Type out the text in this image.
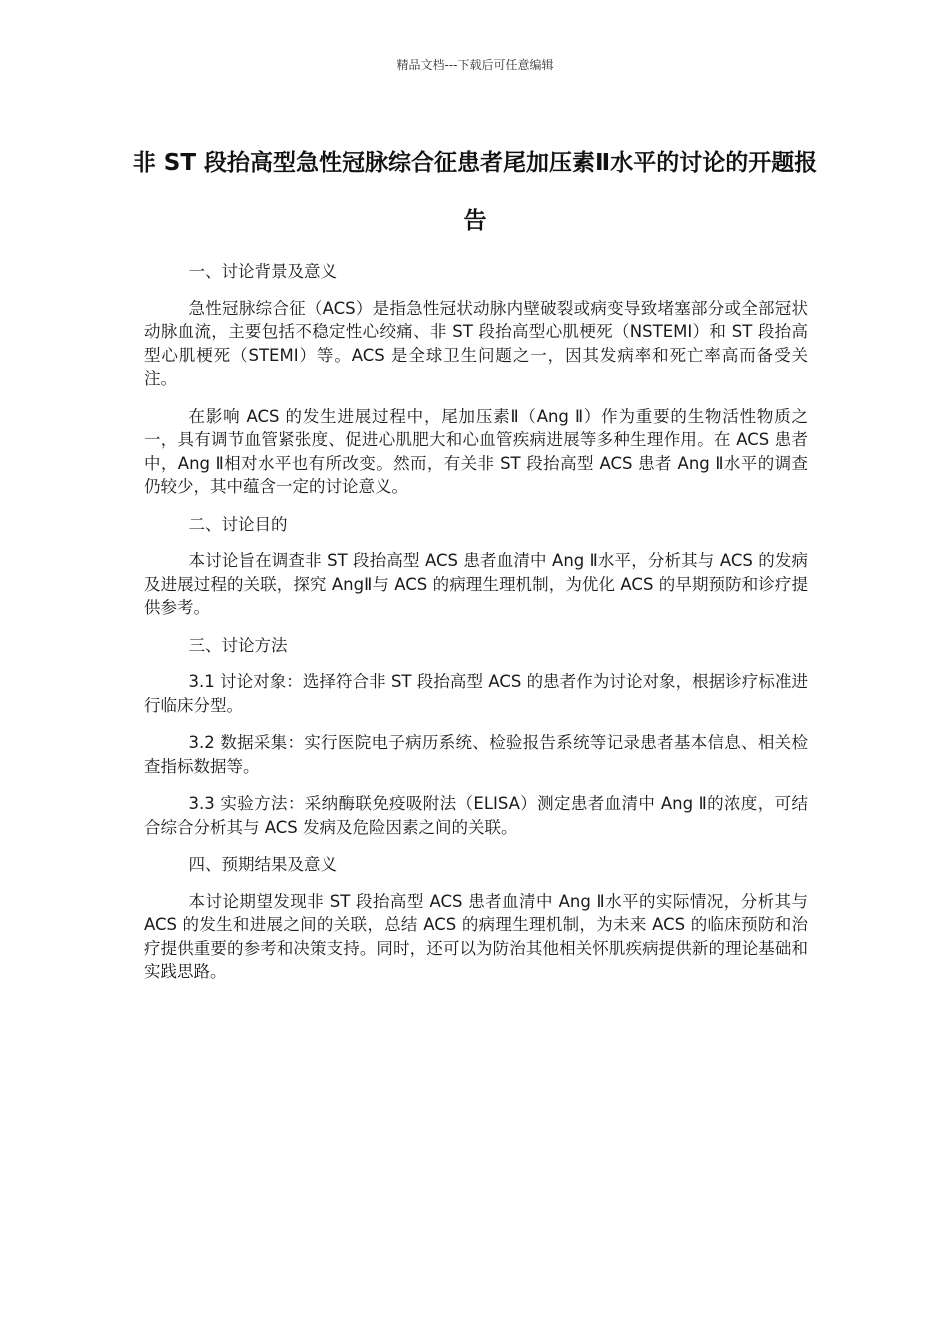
精品文档---下载后可任意编辑
非 ST 段抬高型急性冠脉综合征患者尾加压素Ⅱ水平的讨论的开题报告

一、讨论背景及意义

急性冠脉综合征（ACS）是指急性冠状动脉内壁破裂或病变导致堵塞部分或全部冠状动脉血流，主要包括不稳定性心绞痛、非 ST 段抬高型心肌梗死（NSTEMI）和 ST 段抬高型心肌梗死（STEMI）等。ACS 是全球卫生问题之一，因其发病率和死亡率高而备受关注。

在影响 ACS 的发生进展过程中，尾加压素Ⅱ（Ang Ⅱ）作为重要的生物活性物质之一，具有调节血管紧张度、促进心肌肥大和心血管疾病进展等多种生理作用。在 ACS 患者中，Ang Ⅱ相对水平也有所改变。然而，有关非 ST 段抬高型 ACS 患者 Ang Ⅱ水平的调查仍较少，其中蕴含一定的讨论意义。

二、讨论目的

本讨论旨在调查非 ST 段抬高型 ACS 患者血清中 Ang Ⅱ水平，分析其与 ACS 的发病及进展过程的关联，探究 AngⅡ与 ACS 的病理生理机制，为优化 ACS 的早期预防和诊疗提供参考。

三、讨论方法

3.1 讨论对象：选择符合非 ST 段抬高型 ACS 的患者作为讨论对象，根据诊疗标准进行临床分型。

3.2 数据采集：实行医院电子病历系统、检验报告系统等记录患者基本信息、相关检查指标数据等。

3.3 实验方法：采纳酶联免疫吸附法（ELISA）测定患者血清中 Ang Ⅱ的浓度，可结合综合分析其与 ACS 发病及危险因素之间的关联。

四、预期结果及意义

本讨论期望发现非 ST 段抬高型 ACS 患者血清中 Ang Ⅱ水平的实际情况，分析其与 ACS 的发生和进展之间的关联，总结 ACS 的病理生理机制，为未来 ACS 的临床预防和治疗提供重要的参考和决策支持。同时，还可以为防治其他相关怀肌疾病提供新的理论基础和实践思路。
